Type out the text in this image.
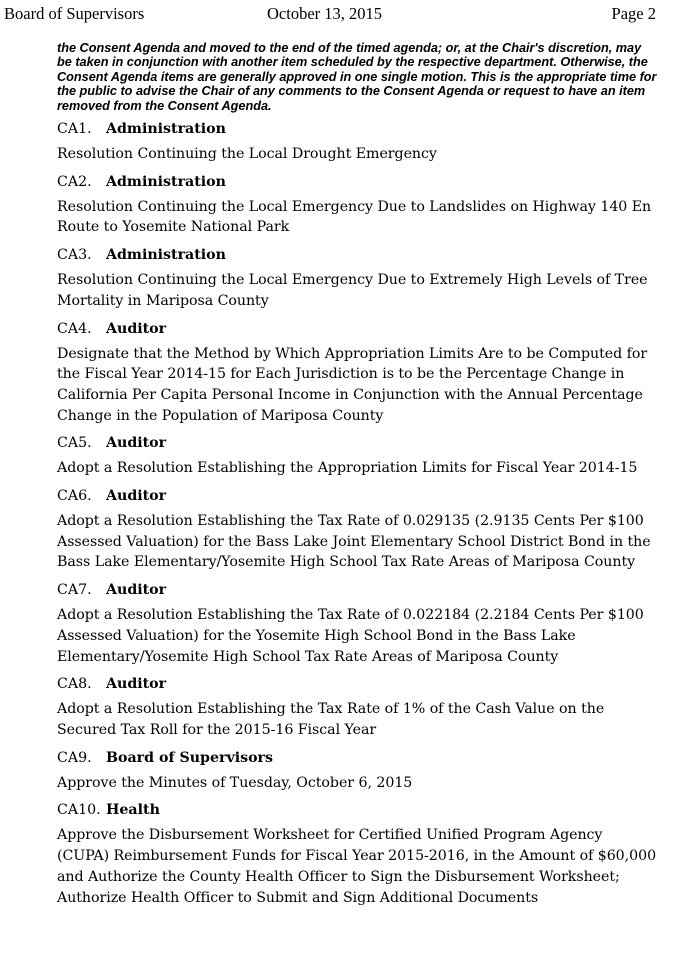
Board of Supervisors	October 13, 2015	Page 2

the Consent Agenda and moved to the end of the timed agenda; or, at the Chair's discretion, may be taken in conjunction with another item scheduled by the respective department. Otherwise, the Consent Agenda items are generally approved in one single motion. This is the appropriate time for the public to advise the Chair of any comments to the Consent Agenda or request to have an item removed from the Consent Agenda.

CA1. Administration
Resolution Continuing the Local Drought Emergency
CA2. Administration
Resolution Continuing the Local Emergency Due to Landslides on Highway 140 En Route to Yosemite National Park
CA3. Administration
Resolution Continuing the Local Emergency Due to Extremely High Levels of Tree Mortality in Mariposa County
CA4. Auditor
Designate that the Method by Which Appropriation Limits Are to be Computed for the Fiscal Year 2014-15 for Each Jurisdiction is to be the Percentage Change in California Per Capita Personal Income in Conjunction with the Annual Percentage Change in the Population of Mariposa County
CA5. Auditor
Adopt a Resolution Establishing the Appropriation Limits for Fiscal Year 2014-15
CA6. Auditor
Adopt a Resolution Establishing the Tax Rate of 0.029135 (2.9135 Cents Per $100 Assessed Valuation) for the Bass Lake Joint Elementary School District Bond in the Bass Lake Elementary/Yosemite High School Tax Rate Areas of Mariposa County
CA7. Auditor
Adopt a Resolution Establishing the Tax Rate of 0.022184 (2.2184 Cents Per $100 Assessed Valuation) for the Yosemite High School Bond in the Bass Lake Elementary/Yosemite High School Tax Rate Areas of Mariposa County
CA8. Auditor
Adopt a Resolution Establishing the Tax Rate of 1% of the Cash Value on the Secured Tax Roll for the 2015-16 Fiscal Year
CA9. Board of Supervisors
Approve the Minutes of Tuesday, October 6, 2015
CA10. Health
Approve the Disbursement Worksheet for Certified Unified Program Agency (CUPA) Reimbursement Funds for Fiscal Year 2015-2016, in the Amount of $60,000 and Authorize the County Health Officer to Sign the Disbursement Worksheet; Authorize Health Officer to Submit and Sign Additional Documents
